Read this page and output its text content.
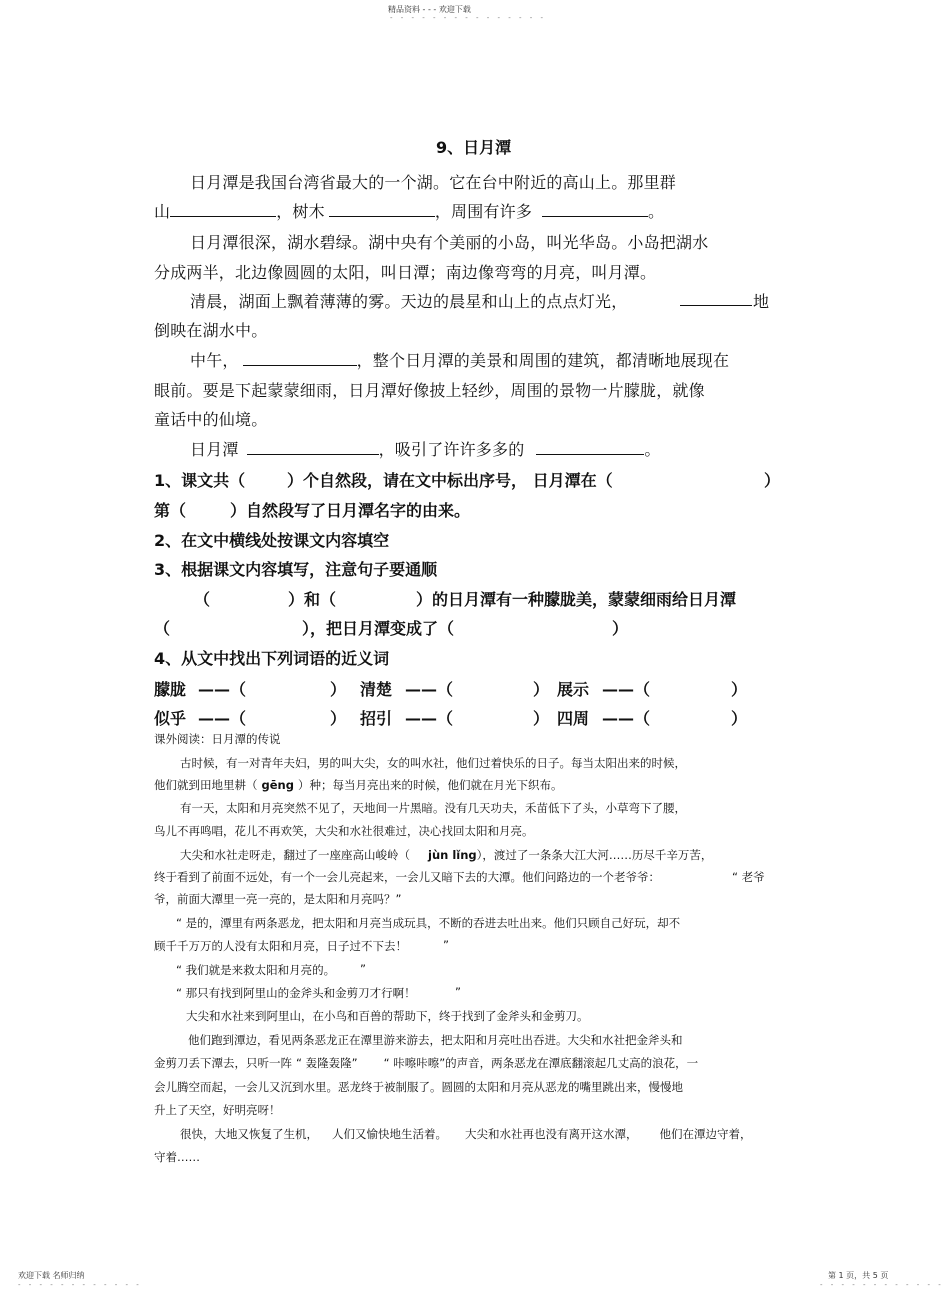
精品资料 - - - 欢迎下载
- - - - - - - - - - - - - - -
9、日月潭
日月潭是我国台湾省最大的一个湖。它在台中附近的高山上。那里群
山	，树木	，周围有许多	。
日月潭很深，湖水碧绿。湖中央有个美丽的小岛，叫光华岛。小岛把湖水
分成两半，北边像圆圆的太阳，叫日潭；南边像弯弯的月亮，叫月潭。
清晨，湖面上飘着薄薄的雾。天边的晨星和山上的点点灯光，	地
倒映在湖水中。
中午，	，整个日月潭的美景和周围的建筑，都清晰地展现在
眼前。要是下起蒙蒙细雨，日月潭好像披上轻纱，周围的景物一片朦胧，就像
童话中的仙境。
日月潭	，吸引了许许多多的	。
1、课文共（	）个自然段，请在文中标出序号， 日月潭在（	）
第（	）自然段写了日月潭名字的由来。
2、在文中横线处按课文内容填空
3、根据课文内容填写，注意句子要通顺
（	）和（	）的日月潭有一种朦胧美，蒙蒙细雨给日月潭
（	），把日月潭变成了（	）
4、从文中找出下列词语的近义词
朦胧 ——（	） 清楚 ——（	） 展示 ——（	）
似乎 ——（	） 招引 ——（	） 四周 ——（	）
课外阅读：日月潭的传说
古时候，有一对青年夫妇，男的叫大尖，女的叫水社，他们过着快乐的日子。每当太阳出来的时候，
他们就到田地里耕（ gēng ）种；每当月亮出来的时候，他们就在月光下织布。
有一天，太阳和月亮突然不见了，天地间一片黑暗。没有几天功夫，禾苗低下了头，小草弯下了腰，
鸟儿不再鸣唱，花儿不再欢笑，大尖和水社很难过，决心找回太阳和月亮。
大尖和水社走呀走，翻过了一座座高山峻岭（ jùn lǐng），渡过了一条条大江大河……历尽千辛万苦，
终于看到了前面不远处，有一个一会儿亮起来，一会儿又暗下去的大潭。他们问路边的一个老爷爷：	“ 老爷
爷，前面大潭里一亮一亮的，是太阳和月亮吗？”
“ 是的，潭里有两条恶龙，把太阳和月亮当成玩具，不断的吞进去吐出来。他们只顾自己好玩，却不
顾千千万万的人没有太阳和月亮，日子过不下去！	”
“ 我们就是来救太阳和月亮的。 ”
“ 那只有找到阿里山的金斧头和金剪刀才行啊！	”
大尖和水社来到阿里山，在小鸟和百兽的帮助下，终于找到了金斧头和金剪刀。
他们跑到潭边，看见两条恶龙正在潭里游来游去，把太阳和月亮吐出吞进。大尖和水社把金斧头和
金剪刀丢下潭去，只听一阵 “ 轰隆轰隆” “ 咔嚓咔嚓”的声音，两条恶龙在潭底翻滚起几丈高的浪花，一
会儿腾空而起，一会儿又沉到水里。恶龙终于被制服了。圆圆的太阳和月亮从恶龙的嘴里跳出来，慢慢地
升上了天空，好明亮呀！
很快，大地又恢复了生机， 人们又愉快地生活着。 大尖和水社再也没有离开这水潭， 他们在潭边守着，
守着……
欢迎下载 名师归纳
- - - - - - - - - - - -
第 1 页，共 5 页
- - - - - - - - - - - -
